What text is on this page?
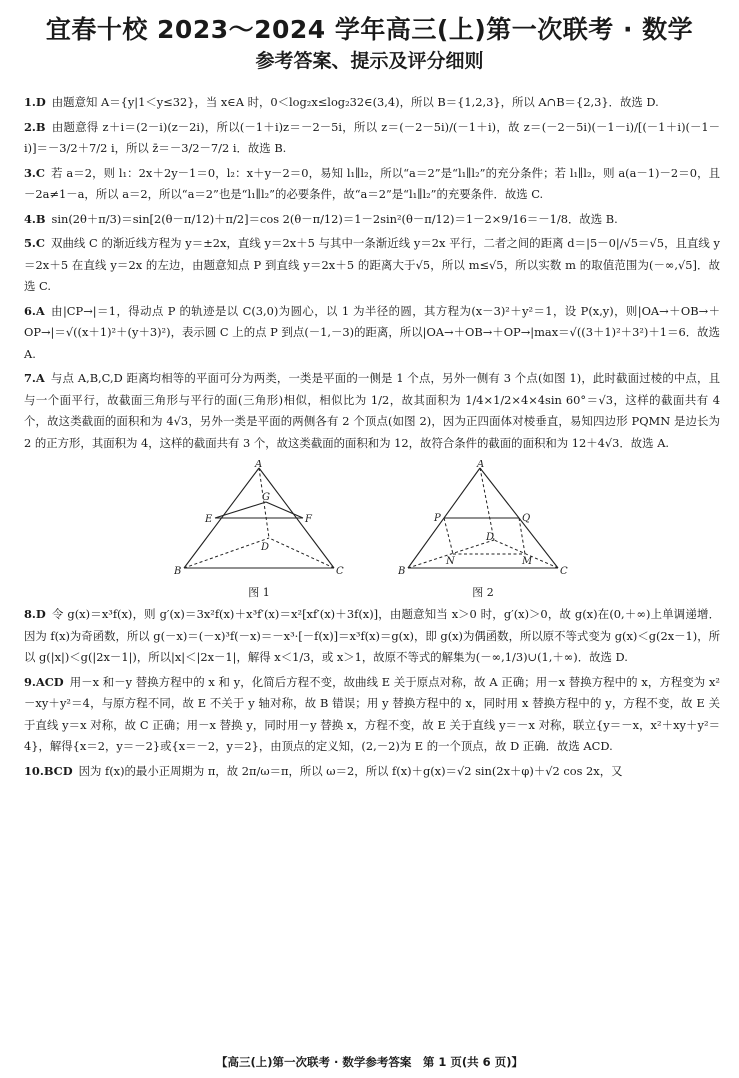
宜春十校 2023～2024 学年高三(上)第一次联考 · 数学
参考答案、提示及评分细则

1.D 由题意知 A＝{y|1＜y≤32}，当 x∈A 时，0＜log₂x≤log₂32∈(3,4)，所以 B＝{1,2,3}，所以 A∩B＝{2,3}．故选 D.

2.B 由题意得 z＋i＝(2－i)(z－2i)，所以(－1＋i)z＝－2－5i，所以 z＝(－2－5i)/(－1＋i)，故 z＝(－2－5i)(－1－i)/[(－1＋i)(－1－i)]＝－3/2＋7/2 i，所以 z̄＝－3/2－7/2 i．故选 B.

3.C 若 a＝2，则 l₁：2x＋2y－1＝0，l₂：x＋y－2＝0，易知 l₁∥l₂，所以“a＝2”是“l₁∥l₂”的充分条件；若 l₁∥l₂，则 a(a－1)－2＝0，且－2a≠1－a，所以 a＝2，所以“a＝2”也是“l₁∥l₂”的必要条件，故“a＝2”是“l₁∥l₂”的充要条件．故选 C.

4.B sin(2θ＋π/3)＝sin[2(θ－π/12)＋π/2]＝cos 2(θ－π/12)＝1－2sin²(θ－π/12)＝1－2×9/16＝－1/8．故选 B.

5.C 双曲线 C 的渐近线方程为 y＝±2x，直线 y＝2x＋5 与其中一条渐近线 y＝2x 平行，二者之间的距离 d＝|5－0|/√5＝√5，且直线 y＝2x＋5 在直线 y＝2x 的左边，由题意知点 P 到直线 y＝2x＋5 的距离大于√5，所以 m≤√5，所以实数 m 的取值范围为(－∞,√5]．故选 C.

6.A 由|CP→|＝1，得动点 P 的轨迹是以 C(3,0)为圆心，以 1 为半径的圆，其方程为(x－3)²＋y²＝1，设 P(x,y)，则|OA→＋OB→＋OP→|＝√((x＋1)²＋(y＋3)²)，表示圆 C 上的点 P 到点(－1,－3)的距离，所以|OA→＋OB→＋OP→|max＝√((3＋1)²＋3²)＋1＝6．故选 A.

7.A 与点 A,B,C,D 距离均相等的平面可分为两类，一类是平面的一侧是 1 个点，另外一侧有 3 个点(如图 1)，此时截面过棱的中点，且与一个面平行，故截面三角形与平行的面(三角形)相似，相似比为 1/2，故其面积为 1/4×1/2×4×4sin 60°＝√3，这样的截面共有 4 个，故这类截面的面积和为 4√3，另外一类是平面的两侧各有 2 个顶点(如图 2)，因为正四面体对棱垂直，易知四边形 PQMN 是边长为 2 的正方形，其面积为 4，这样的截面共有 3 个，故这类截面的面积和为 12，故符合条件的截面的面积和为 12＋4√3．故选 A.

A
B	C
D
E	F
G
图 1
A
B	C
D
P	Q
M
N
图 2

8.D 令 g(x)＝x³f(x)，则 g′(x)＝3x²f(x)＋x³f′(x)＝x²[xf′(x)＋3f(x)]，由题意知当 x＞0 时，g′(x)＞0，故 g(x)在(0,＋∞)上单调递增．因为 f(x)为奇函数，所以 g(－x)＝(－x)³f(－x)＝－x³·[－f(x)]＝x³f(x)＝g(x)，即 g(x)为偶函数，所以原不等式变为 g(x)＜g(2x－1)，所以 g(|x|)＜g(|2x－1|)，所以|x|＜|2x－1|，解得 x＜1/3，或 x＞1，故原不等式的解集为(－∞,1/3)∪(1,＋∞)．故选 D.

9.ACD 用－x 和－y 替换方程中的 x 和 y，化简后方程不变，故曲线 E 关于原点对称，故 A 正确；用－x 替换方程中的 x，方程变为 x²－xy＋y²＝4，与原方程不同，故 E 不关于 y 轴对称，故 B 错误；用 y 替换方程中的 x，同时用 x 替换方程中的 y，方程不变，故 E 关于直线 y＝x 对称，故 C 正确；用－x 替换 y，同时用－y 替换 x，方程不变，故 E 关于直线 y＝－x 对称，联立{y＝－x，x²＋xy＋y²＝4}，解得{x＝2，y＝－2}或{x＝－2，y＝2}，由顶点的定义知，(2,－2)为 E 的一个顶点，故 D 正确．故选 ACD.

10.BCD 因为 f(x)的最小正周期为 π，故 2π/ω＝π，所以 ω＝2，所以 f(x)＋g(x)＝√2 sin(2x＋φ)＋√2 cos 2x，又

【高三(上)第一次联考 · 数学参考答案　第 1 页(共 6 页)】
